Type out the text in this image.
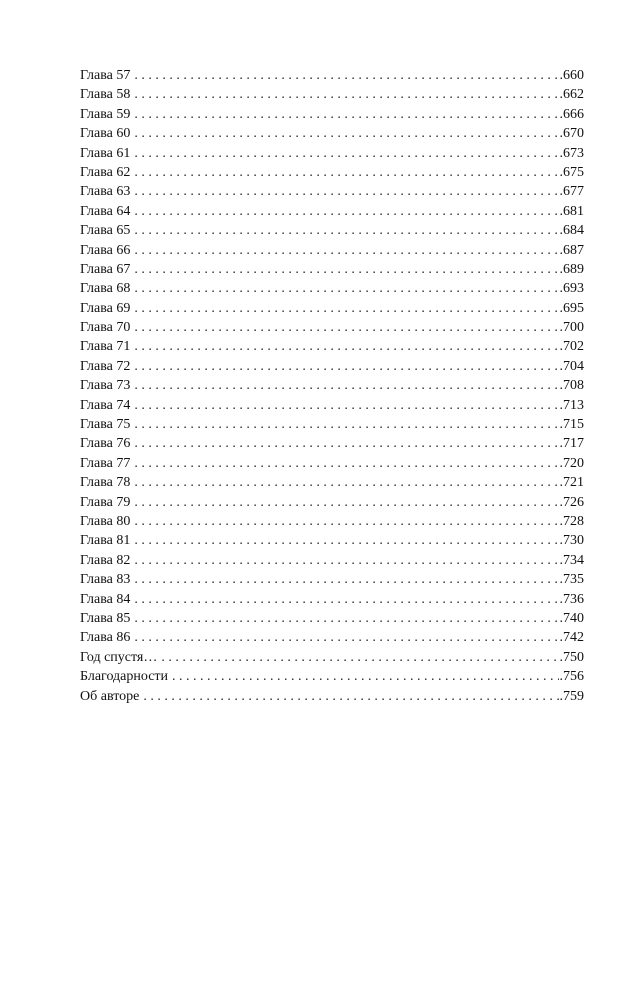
Глава 57 . . .	.660
Глава 58 . . .	.662
Глава 59 . . .	.666
Глава 60 . . .	.670
Глава 61 . . .	.673
Глава 62 . . .	.675
Глава 63 . . .	.677
Глава 64 . . .	.681
Глава 65 . . .	.684
Глава 66 . . .	.687
Глава 67 . . .	.689
Глава 68 . . .	.693
Глава 69 . . .	.695
Глава 70 . . .	.700
Глава 71 . . .	.702
Глава 72 . . .	.704
Глава 73 . . .	.708
Глава 74 . . .	.713
Глава 75 . . .	.715
Глава 76 . . .	.717
Глава 77 . . .	.720
Глава 78 . . .	.721
Глава 79 . . .	.726
Глава 80 . . .	.728
Глава 81 . . .	.730
Глава 82 . . .	.734
Глава 83 . . .	.735
Глава 84 . . .	.736
Глава 85 . . .	.740
Глава 86 . . .	.742
Год спустя… . . .	.750
Благодарности . . .	.756
Об авторе . . .	.759
